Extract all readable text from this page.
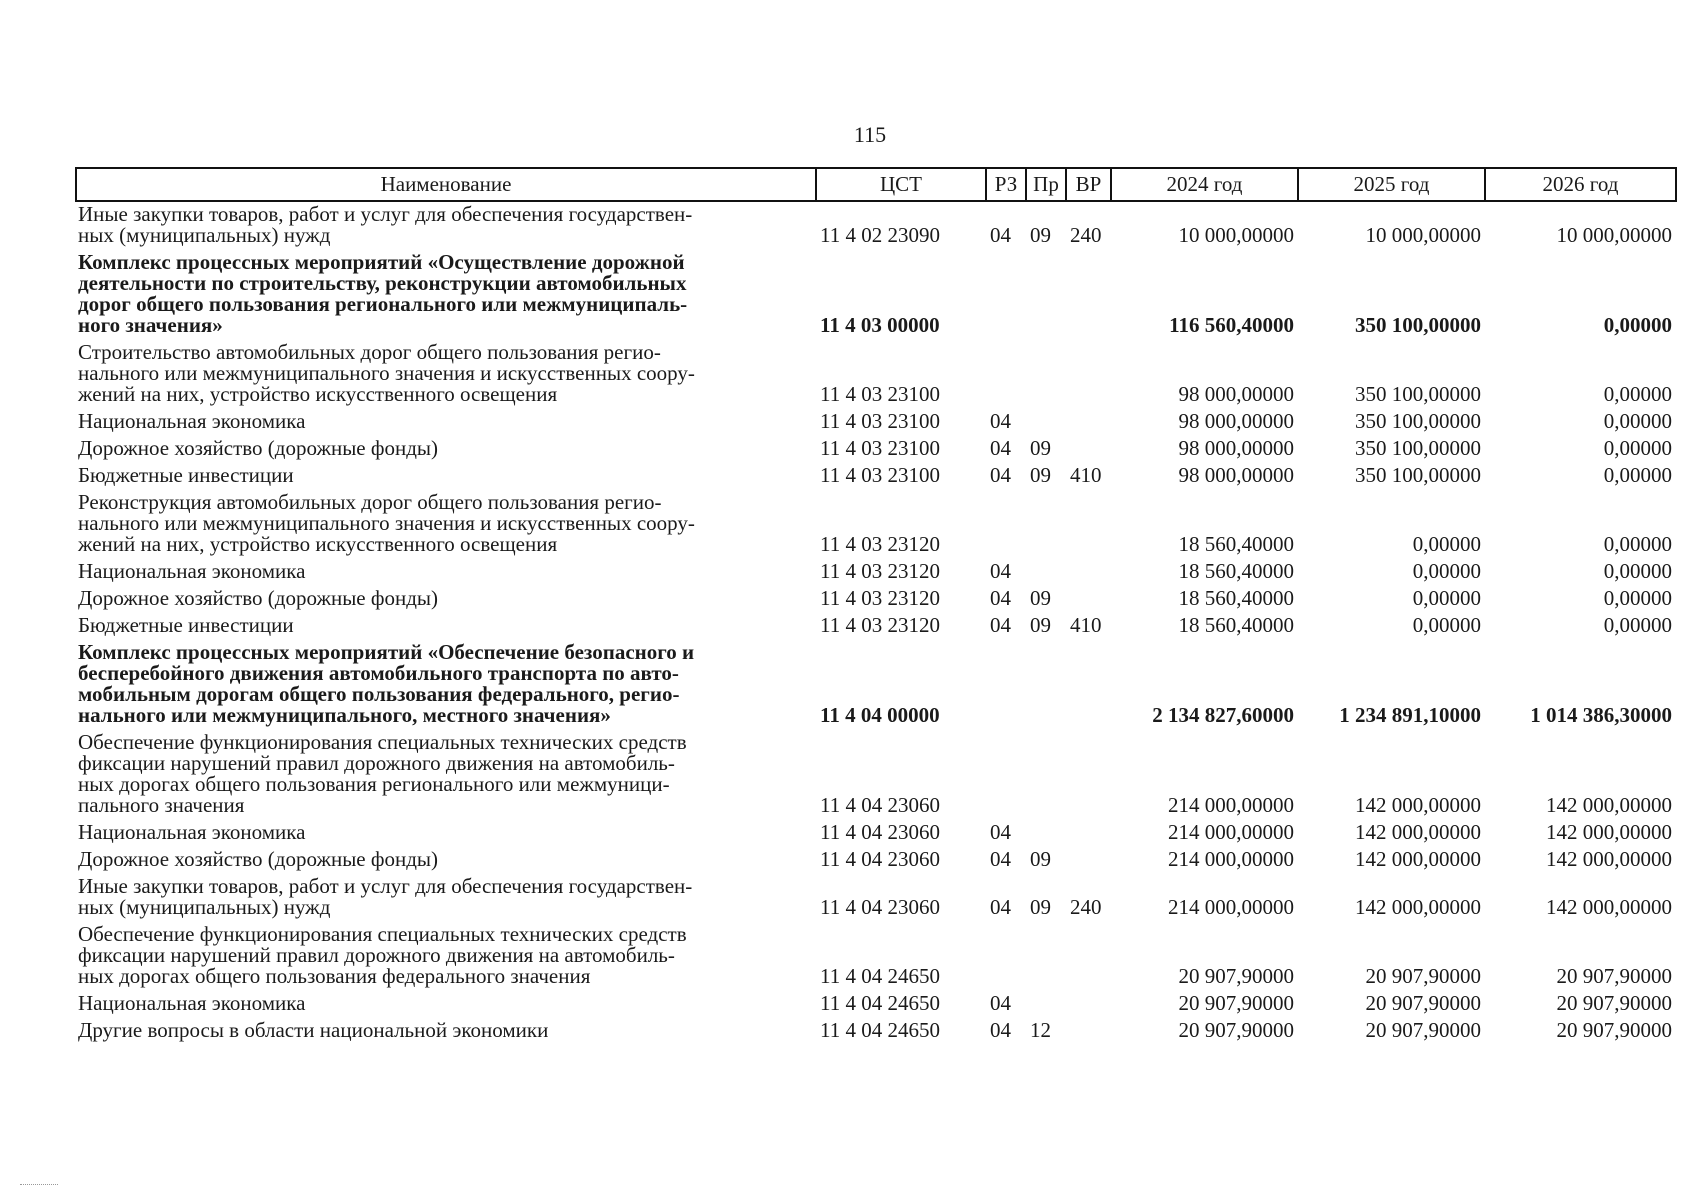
115
Наименование	ЦСТ	РЗ	Пр	ВР	2024 год	2025 год	2026 год

Иные закупки товаров, работ и услуг для обеспечения государствен-
ных (муниципальных) нужд	11 4 02 23090	04	09	240	10 000,00000	10 000,00000	10 000,00000

Комплекс процессных мероприятий «Осуществление дорожной
деятельности по строительству, реконструкции автомобильных
дорог общего пользования регионального или межмуниципаль-
ного значения»	11 4 03 00000				116 560,40000	350 100,00000	0,00000

Строительство автомобильных дорог общего пользования регио-
нального или межмуниципального значения и искусственных соору-
жений на них, устройство искусственного освещения	11 4 03 23100				98 000,00000	350 100,00000	0,00000

Национальная экономика	11 4 03 23100	04			98 000,00000	350 100,00000	0,00000

Дорожное хозяйство (дорожные фонды)	11 4 03 23100	04	09		98 000,00000	350 100,00000	0,00000

Бюджетные инвестиции	11 4 03 23100	04	09	410	98 000,00000	350 100,00000	0,00000

Реконструкция автомобильных дорог общего пользования регио-
нального или межмуниципального значения и искусственных соору-
жений на них, устройство искусственного освещения	11 4 03 23120				18 560,40000	0,00000	0,00000

Национальная экономика	11 4 03 23120	04			18 560,40000	0,00000	0,00000

Дорожное хозяйство (дорожные фонды)	11 4 03 23120	04	09		18 560,40000	0,00000	0,00000

Бюджетные инвестиции	11 4 03 23120	04	09	410	18 560,40000	0,00000	0,00000

Комплекс процессных мероприятий «Обеспечение безопасного и
бесперебойного движения автомобильного транспорта по авто-
мобильным дорогам общего пользования федерального, регио-
нального или межмуниципального, местного значения»	11 4 04 00000				2 134 827,60000	1 234 891,10000	1 014 386,30000

Обеспечение функционирования специальных технических средств
фиксации нарушений правил дорожного движения на автомобиль-
ных дорогах общего пользования регионального или межмуници-
пального значения	11 4 04 23060				214 000,00000	142 000,00000	142 000,00000

Национальная экономика	11 4 04 23060	04			214 000,00000	142 000,00000	142 000,00000

Дорожное хозяйство (дорожные фонды)	11 4 04 23060	04	09		214 000,00000	142 000,00000	142 000,00000

Иные закупки товаров, работ и услуг для обеспечения государствен-
ных (муниципальных) нужд	11 4 04 23060	04	09	240	214 000,00000	142 000,00000	142 000,00000

Обеспечение функционирования специальных технических средств
фиксации нарушений правил дорожного движения на автомобиль-
ных дорогах общего пользования федерального значения	11 4 04 24650				20 907,90000	20 907,90000	20 907,90000

Национальная экономика	11 4 04 24650	04			20 907,90000	20 907,90000	20 907,90000

Другие вопросы в области национальной экономики	11 4 04 24650	04	12		20 907,90000	20 907,90000	20 907,90000
